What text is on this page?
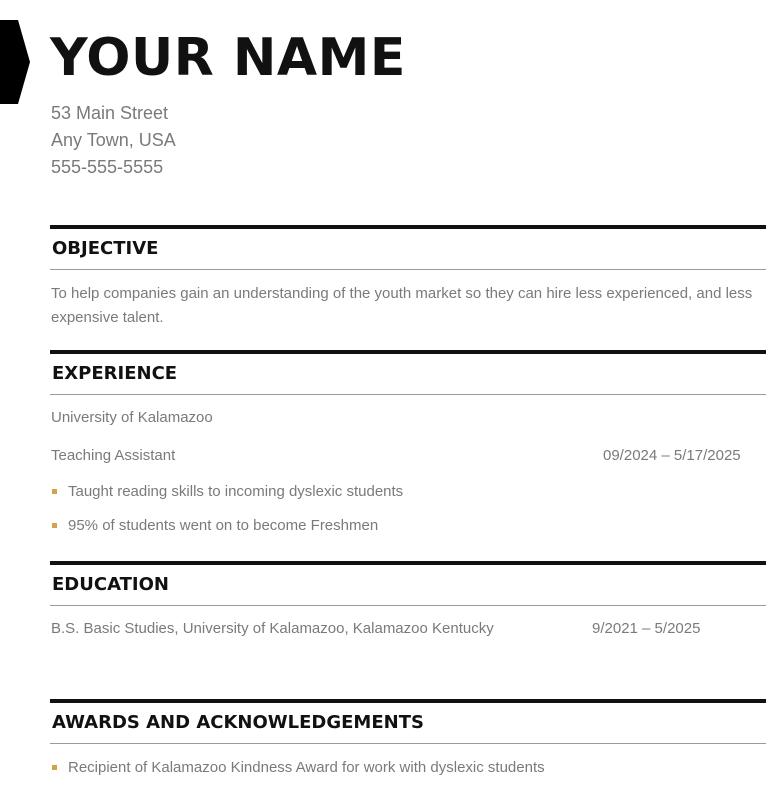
YOUR NAME
53 Main Street
Any Town, USA
555-555-5555
OBJECTIVE
To help companies gain an understanding of the youth market so they can hire less experienced, and less expensive talent.
EXPERIENCE
University of Kalamazoo
Teaching Assistant	09/2024 – 5/17/2025
Taught reading skills to incoming dyslexic students
95% of students went on to become Freshmen
EDUCATION
B.S. Basic Studies, University of Kalamazoo, Kalamazoo Kentucky	9/2021 – 5/2025
AWARDS AND ACKNOWLEDGEMENTS
Recipient of Kalamazoo Kindness Award for work with dyslexic students
